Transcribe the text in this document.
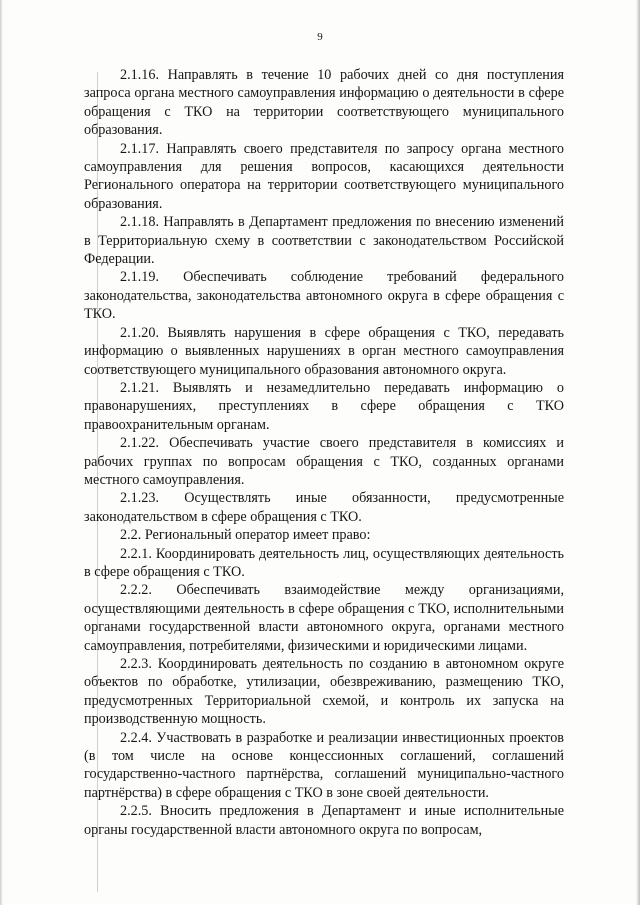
9

2.1.16. Направлять в течение 10 рабочих дней со дня поступления запроса органа местного самоуправления информацию о деятельности в сфере обращения с ТКО на территории соответствующего муниципального образования.

2.1.17. Направлять своего представителя по запросу органа местного самоуправления для решения вопросов, касающихся деятельности Регионального оператора на территории соответствующего муниципального образования.

2.1.18. Направлять в Департамент предложения по внесению изменений в Территориальную схему в соответствии с законодательством Российской Федерации.

2.1.19. Обеспечивать соблюдение требований федерального законодательства, законодательства автономного округа в сфере обращения с ТКО.

2.1.20. Выявлять нарушения в сфере обращения с ТКО, передавать информацию о выявленных нарушениях в орган местного самоуправления соответствующего муниципального образования автономного округа.

2.1.21. Выявлять и незамедлительно передавать информацию о правонарушениях, преступлениях в сфере обращения с ТКО правоохранительным органам.

2.1.22. Обеспечивать участие своего представителя в комиссиях и рабочих группах по вопросам обращения с ТКО, созданных органами местного самоуправления.

2.1.23. Осуществлять иные обязанности, предусмотренные законодательством в сфере обращения с ТКО.

2.2. Региональный оператор имеет право:

2.2.1. Координировать деятельность лиц, осуществляющих деятельность в сфере обращения с ТКО.

2.2.2. Обеспечивать взаимодействие между организациями, осуществляющими деятельность в сфере обращения с ТКО, исполнительными органами государственной власти автономного округа, органами местного самоуправления, потребителями, физическими и юридическими лицами.

2.2.3. Координировать деятельность по созданию в автономном округе объектов по обработке, утилизации, обезвреживанию, размещению ТКО, предусмотренных Территориальной схемой, и контроль их запуска на производственную мощность.

2.2.4. Участвовать в разработке и реализации инвестиционных проектов (в том числе на основе концессионных соглашений, соглашений государственно-частного партнёрства, соглашений муниципально-частного партнёрства) в сфере обращения с ТКО в зоне своей деятельности.

2.2.5. Вносить предложения в Департамент и иные исполнительные органы государственной власти автономного округа по вопросам,
